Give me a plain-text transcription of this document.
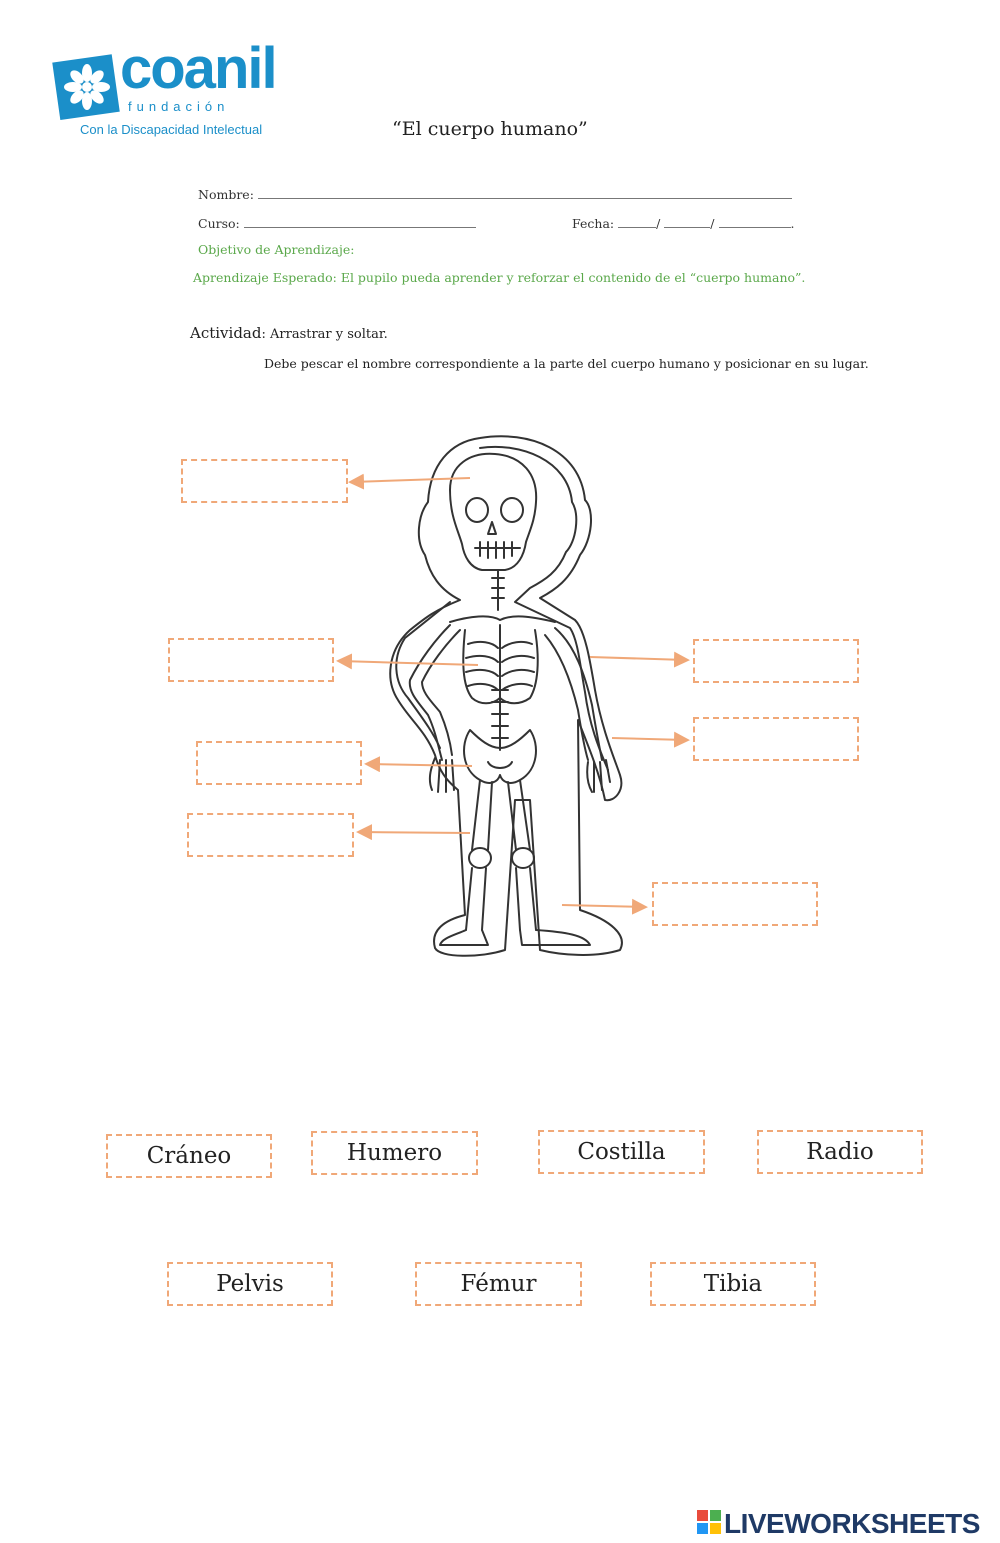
coanil
fundación
Con la Discapacidad Intelectual	“El cuerpo humano”
Nombre:
Curso:	Fecha:	/	/	.
Objetivo de Aprendizaje:
Aprendizaje Esperado: El pupilo pueda aprender y reforzar el contenido de el “cuerpo humano”.
Actividad: Arrastrar y soltar.
Debe pescar el nombre correspondiente a la parte del cuerpo humano y posicionar en su lugar.
Cráneo	Humero	Costilla	Radio
Pelvis	Fémur	Tibia
LIVEWORKSHEETS
